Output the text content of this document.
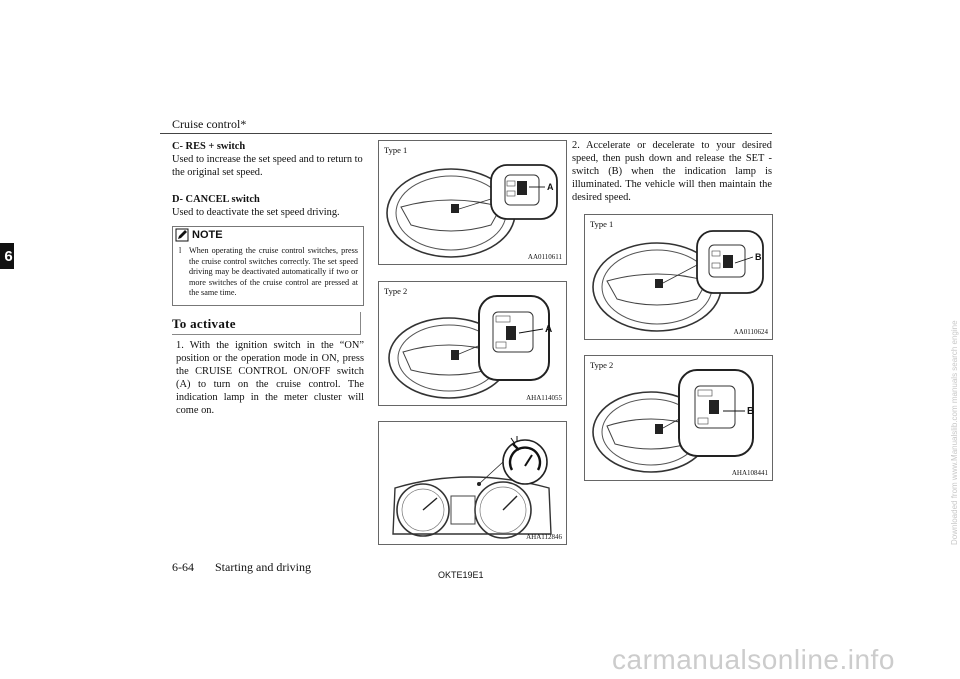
Cruise control*
6

C- RES + switch

Used to increase the set speed and to return to the original set speed.

D- CANCEL switch

Used to deactivate the set speed driving.

NOTE
l When operating the cruise control switches, press the cruise control switches correctly. The set speed driving may be deactivated automatically if two or more switches of the cruise control are pressed at the same time.
To activate
1. With the ignition switch in the “ON” position or the operation mode in ON, press the CRUISE CONTROL ON/OFF switch (A) to turn on the cruise control. The indication lamp in the meter cluster will come on.
2. Accelerate or decelerate to your desired speed, then push down and release the SET - switch (B) when the indication lamp is illuminated. The vehicle will then maintain the desired speed.
Type 1
A
AA0110611
Type 2
A
AHA114055
AHA112846
Type 1
B
AA0110624
Type 2
B
AHA108441
6-64 Starting and driving
OKTE19E1
carmanualsonline.info
Downloaded from www.Manualslib.com manuals search engine
